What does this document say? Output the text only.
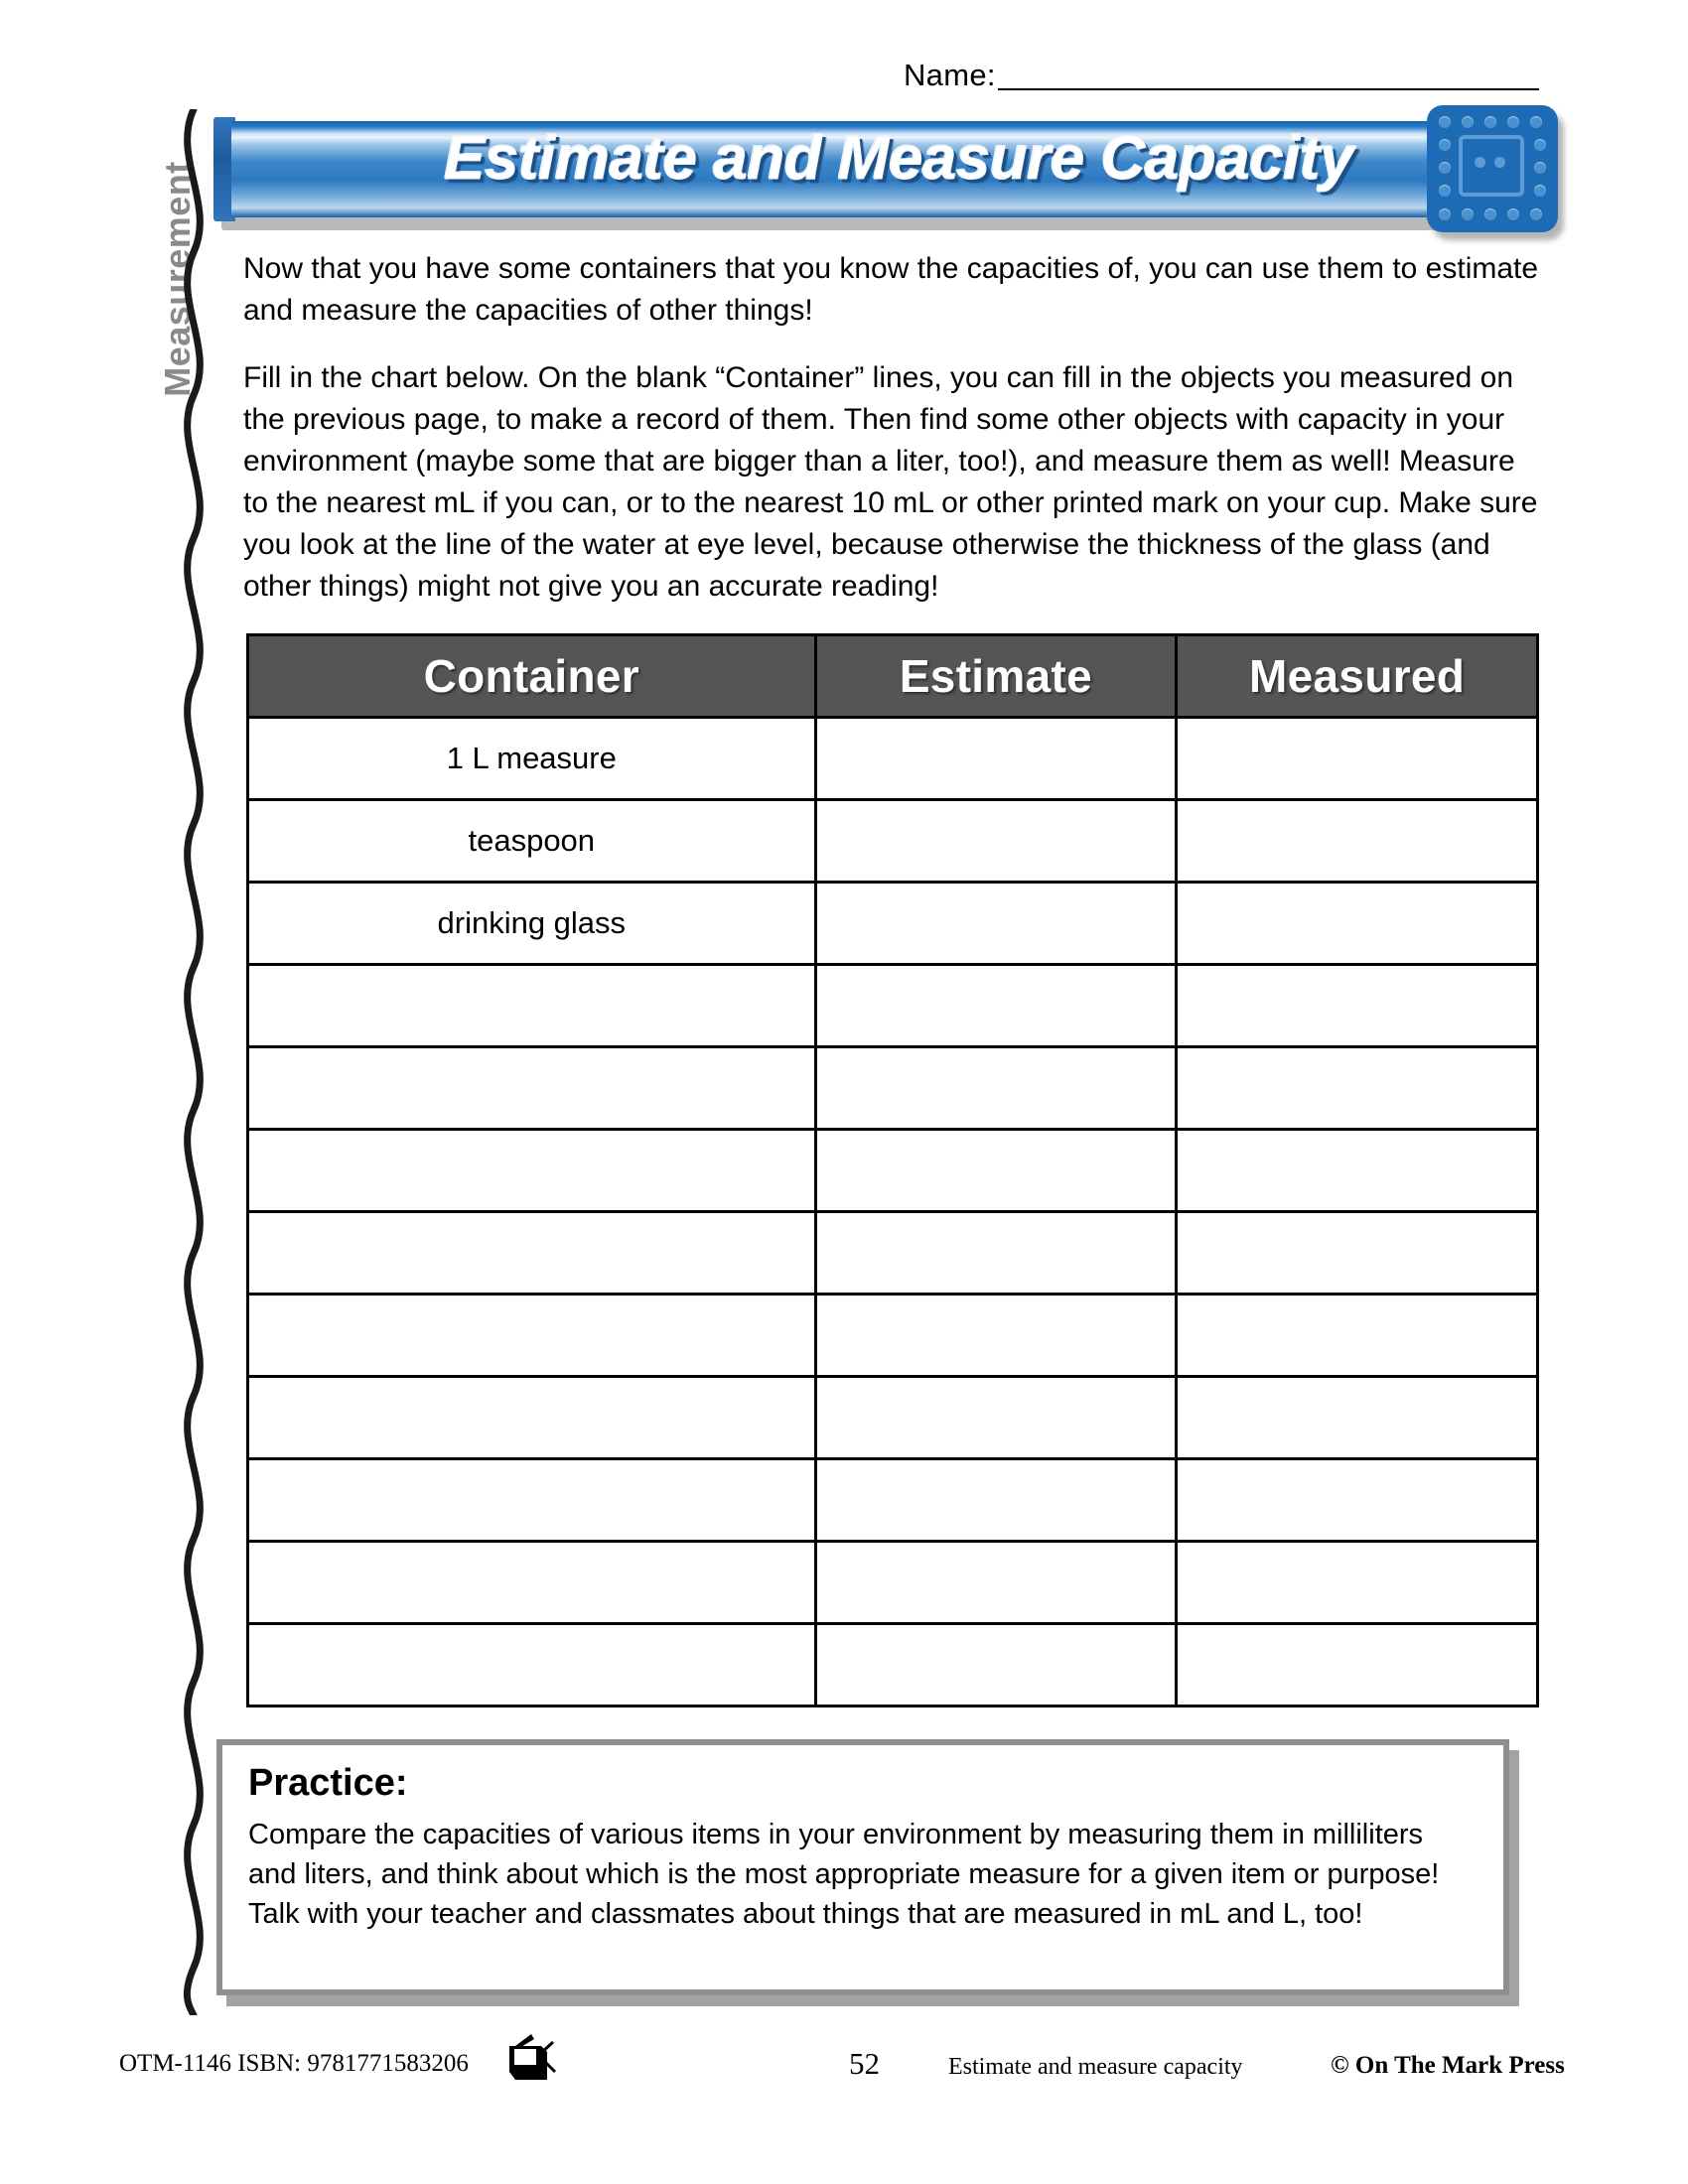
Name:
Measurement
Estimate and Measure Capacity

Now that you have some containers that you know the capacities of, you can use them to estimate and measure the capacities of other things!

Fill in the chart below. On the blank “Container” lines, you can fill in the objects you measured on the previous page, to make a record of them. Then find some other objects with capacity in your environment (maybe some that are bigger than a liter, too!), and measure them as well! Measure to the nearest mL if you can, or to the nearest 10 mL or other printed mark on your cup. Make sure you look at the line of the water at eye level, because otherwise the thickness of the glass (and other things) might not give you an accurate reading!

Container	Estimate	Measured
1 L measure		
teaspoon		
drinking glass		

Practice:

Compare the capacities of various items in your environment by measuring them in milliliters and liters, and think about which is the most appropriate measure for a given item or purpose! Talk with your teacher and classmates about things that are measured in mL and L, too!

OTM-1146 ISBN: 9781771583206	52	Estimate and measure capacity	© On The Mark Press
